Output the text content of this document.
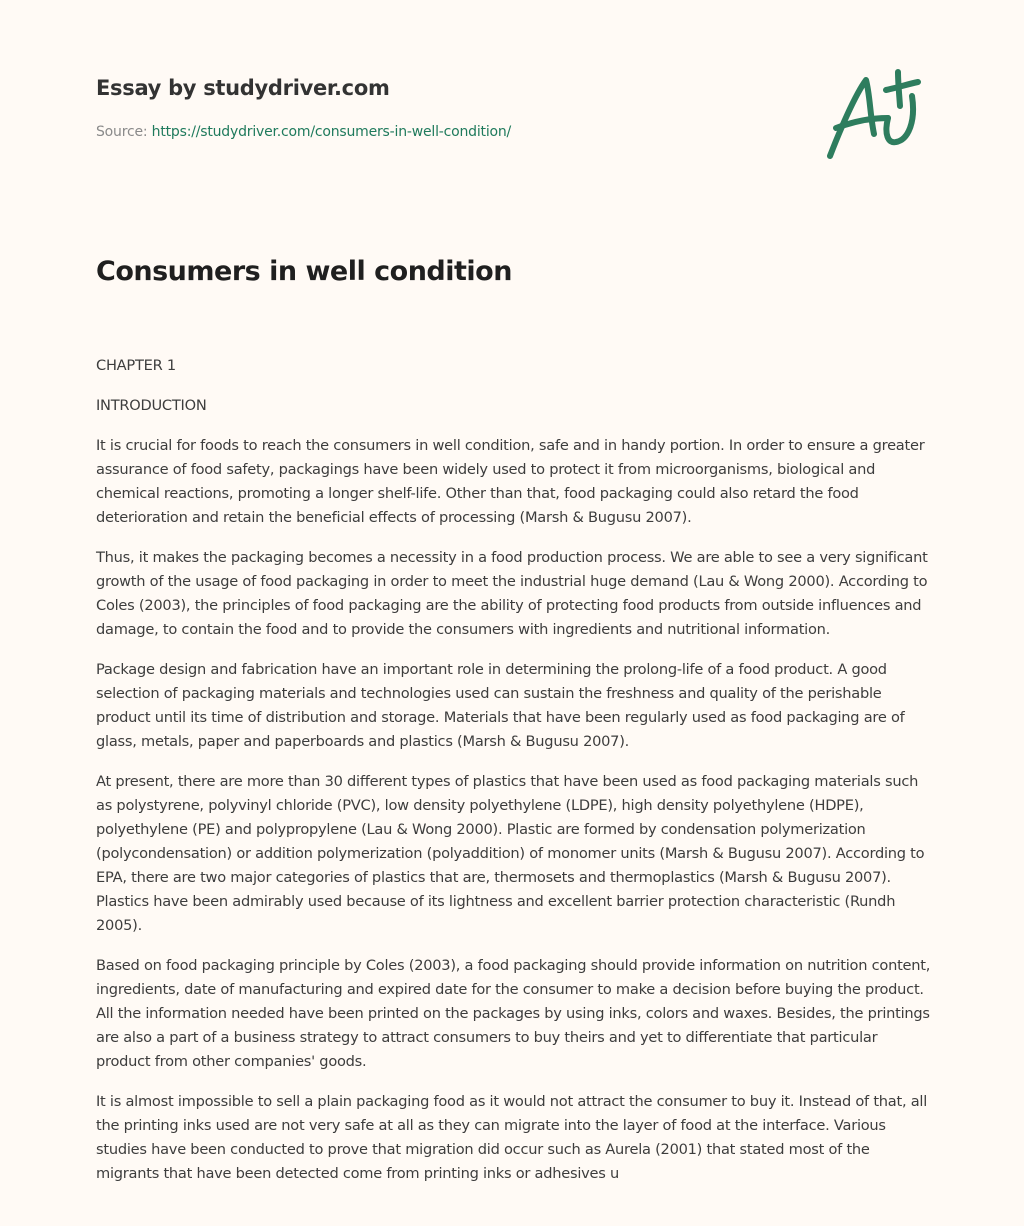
Essay by studydriver.com
Source: https://studydriver.com/consumers-in-well-condition/
Consumers in well condition

CHAPTER 1

INTRODUCTION

It is crucial for foods to reach the consumers in well condition, safe and in handy portion. In order to ensure a greater assurance of food safety, packagings have been widely used to protect it from microorganisms, biological and chemical reactions, promoting a longer shelf-life. Other than that, food packaging could also retard the food deterioration and retain the beneficial effects of processing (Marsh & Bugusu 2007).

Thus, it makes the packaging becomes a necessity in a food production process. We are able to see a very significant growth of the usage of food packaging in order to meet the industrial huge demand (Lau & Wong 2000). According to Coles (2003), the principles of food packaging are the ability of protecting food products from outside influences and damage, to contain the food and to provide the consumers with ingredients and nutritional information.

Package design and fabrication have an important role in determining the prolong-life of a food product. A good selection of packaging materials and technologies used can sustain the freshness and quality of the perishable product until its time of distribution and storage. Materials that have been regularly used as food packaging are of glass, metals, paper and paperboards and plastics (Marsh & Bugusu 2007).

At present, there are more than 30 different types of plastics that have been used as food packaging materials such as polystyrene, polyvinyl chloride (PVC), low density polyethylene (LDPE), high density polyethylene (HDPE), polyethylene (PE) and polypropylene (Lau & Wong 2000). Plastic are formed by condensation polymerization (polycondensation) or addition polymerization (polyaddition) of monomer units (Marsh & Bugusu 2007). According to EPA, there are two major categories of plastics that are, thermosets and thermoplastics (Marsh & Bugusu 2007). Plastics have been admirably used because of its lightness and excellent barrier protection characteristic (Rundh 2005).

Based on food packaging principle by Coles (2003), a food packaging should provide information on nutrition content, ingredients, date of manufacturing and expired date for the consumer to make a decision before buying the product. All the information needed have been printed on the packages by using inks, colors and waxes. Besides, the printings are also a part of a business strategy to attract consumers to buy theirs and yet to differentiate that particular product from other companies' goods.

It is almost impossible to sell a plain packaging food as it would not attract the consumer to buy it. Instead of that, all the printing inks used are not very safe at all as they can migrate into the layer of food at the interface. Various studies have been conducted to prove that migration did occur such as Aurela (2001) that stated most of the migrants that have been detected come from printing inks or adhesives u
